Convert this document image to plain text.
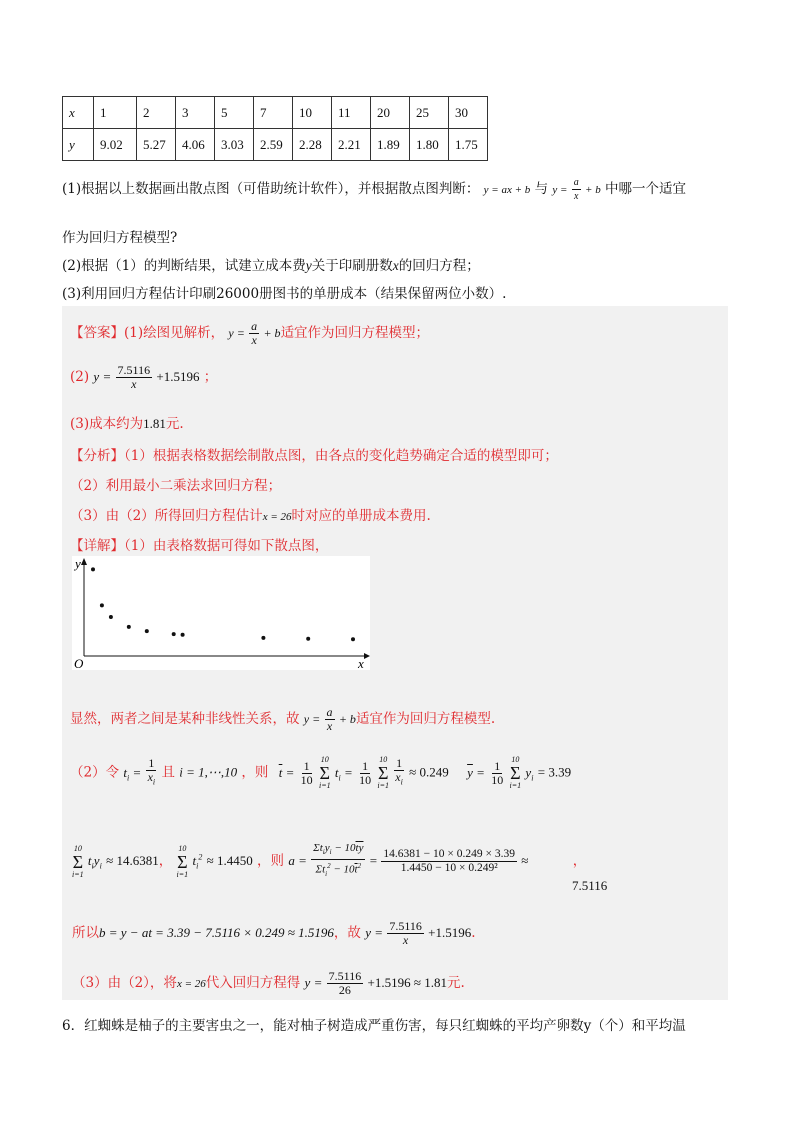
x	1	2	3	5	7	10	11	20	25	30
y	9.02	5.27	4.06	3.03	2.59	2.28	2.21	1.89	1.80	1.75
(1)根据以上数据画出散点图（可借助统计软件），并根据散点图判断： y = ax + b 与 $y = \frac{a}{x} + b$ 中哪一个适宜
作为回归方程模型?
(2)根据（1）的判断结果，试建立成本费y关于印刷册数x的回归方程；
(3)利用回归方程估计印刷26000册图书的单册成本（结果保留两位小数）.
【答案】(1)绘图见解析， $y = \frac{a}{x} + b$适宜作为回归方程模型；
(2) $y = \frac{7.5116}{x} +1.5196$ ；
(3)成本约为1.81元.
【分析】（1）根据表格数据绘制散点图，由各点的变化趋势确定合适的模型即可；
（2）利用最小二乘法求回归方程；
（3）由（2）所得回归方程估计x = 26时对应的单册成本费用.
【详解】（1）由表格数据可得如下散点图，
y
x
O
显然，两者之间是某种非线性关系，故 $y = \frac{a}{x} + b$适宜作为回归方程模型.
（2）令 $t_i = \frac{1}{x_i}$ 且 i = 1,⋯,10 ，则 $\overline{t} = \frac{1}{10}$
10
Σ
i=1
$t_i = \frac{1}{10}$
10
Σ
i=1
$\frac{1}{x_i} \approx 0.249$ $\overline{y} = \frac{1}{10}$
10
Σ
i=1
$y_i = 3.39$
10
Σ
i=1
$t_iy_i \approx 14.6381$，
10
Σ
i=1
$t_i^2 \approx 1.4450$ ，则 $a = \frac{\Sigma t_iy_i - 10\overline{t}\overline{y}}{\Sigma t_i^2 - 10\overline{t}^2} = \frac{14.6381 - 10 \times 0.249 \times 3.39}{\text{1.4450 − 10 × 0.249²}}$ ≈	，
7.5116
所以b = y − at = 3.39 − 7.5116 × 0.249 ≈ 1.5196，故 $y = \frac{7.5116}{x} +1.5196$.
（3）由（2），将x = 26代入回归方程得 $y = \frac{7.5116}{26} +1.5196 \approx 1.81$元.
6．红蜘蛛是柚子的主要害虫之一，能对柚子树造成严重伤害，每只红蜘蛛的平均产卵数y（个）和平均温
